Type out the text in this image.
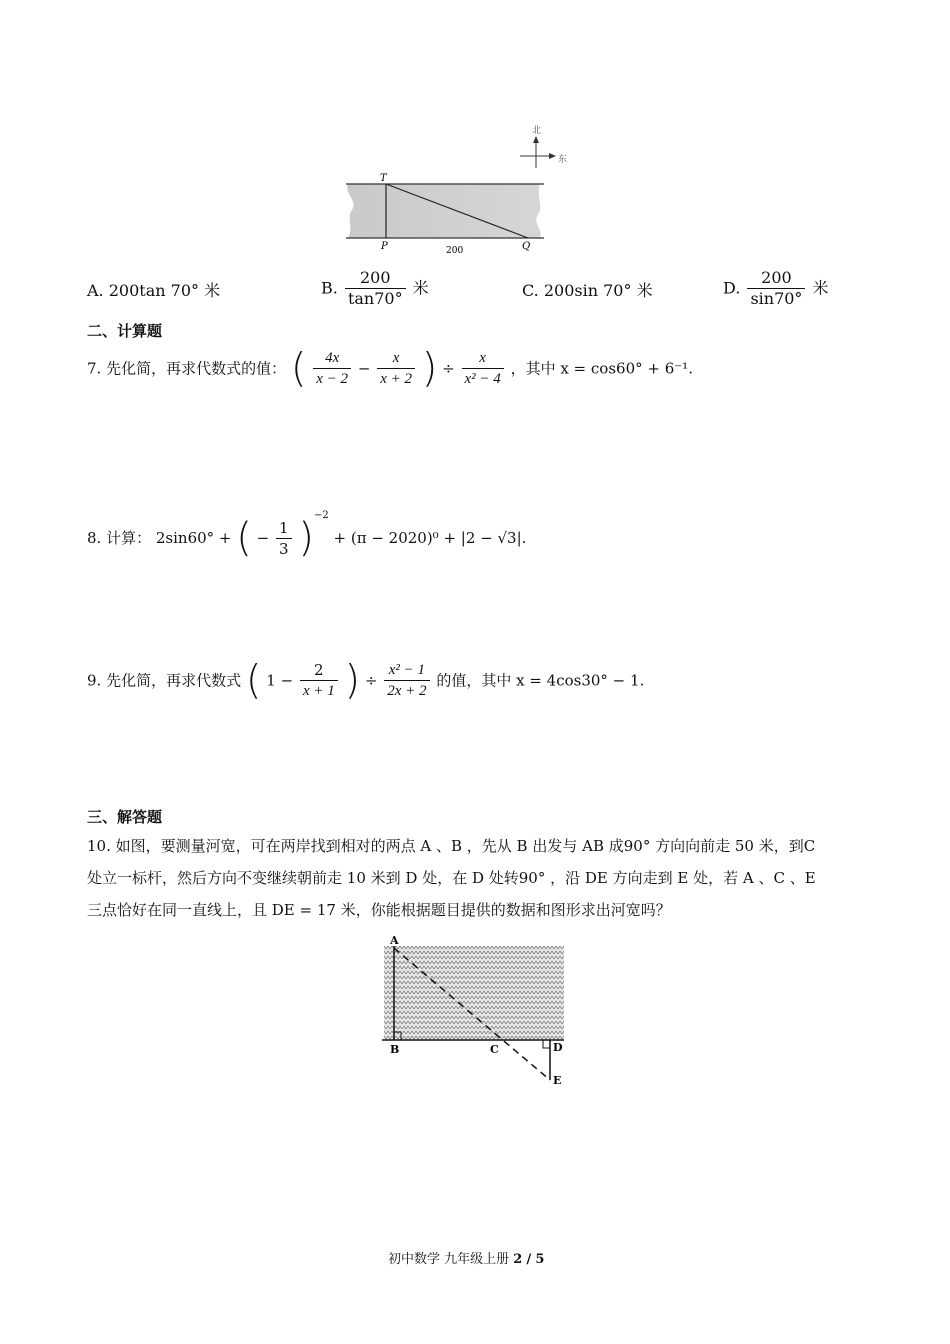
北
东
T
P	Q
200
A. 200tan 70° 米	B. $\frac{200}{\tan 70^\circ}$ 米	C. 200sin 70° 米	D. $\frac{200}{\sin 70^\circ}$ 米
二、计算题
7. 先化简，再求代数式的值： ( $\frac{4x}{x - 2} - \frac{x}{x + 2}$ ) ÷ $\frac{x}{\text{x² − 4}}$ ，其中 x = cos60° + 6⁻¹.
8. 计算： 2sin60° + ( − $\frac{1}{3} )^{-2} + (\pi - 2020)^0 + |2 - √3|$.
9. 先化简，再求代数式 ( $1 - \frac{2}{x + 1}$ ) ÷ $\frac{\text{x² − 1}}{2x + 2}$ 的值，其中 x = 4cos30° − 1.
三、解答题
10. 如图，要测量河宽，可在两岸找到相对的两点 A 、B ，先从 B 出发与 AB 成90° 方向向前走 50 米，到C
处立一标杆，然后方向不变继续朝前走 10 米到 D 处，在 D 处转90° ，沿 DE 方向走到 E 处，若 A 、C 、E
三点恰好在同一直线上，且 DE = 17 米，你能根据题目提供的数据和图形求出河宽吗？
A
B	C	D
E
初中数学 九年级上册 2 / 5
